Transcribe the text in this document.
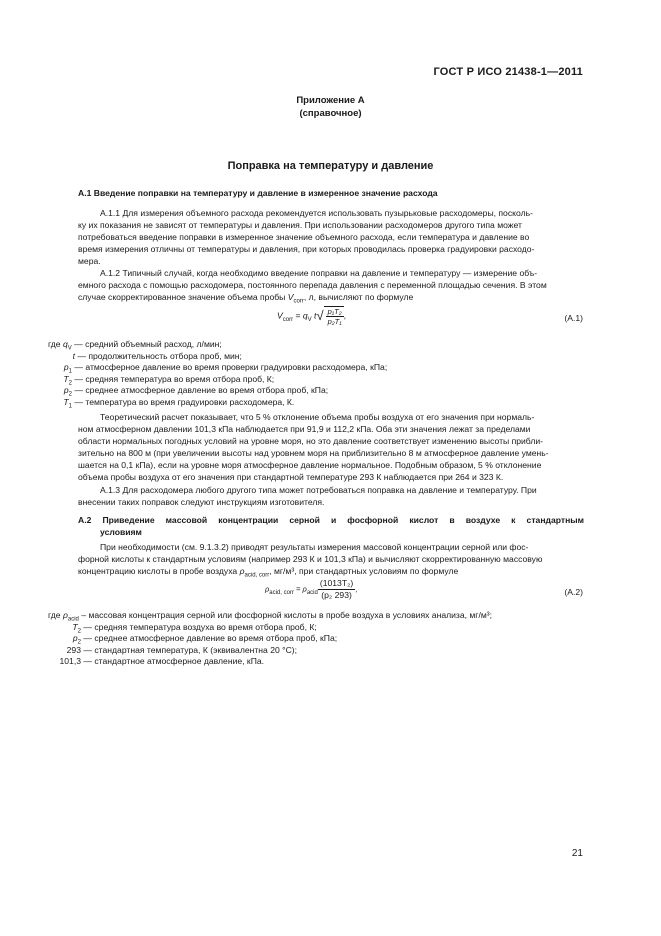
ГОСТ Р ИСО 21438-1—2011
Приложение А
(справочное)
Поправка на температуру и давление
А.1 Введение поправки на температуру и давление в измеренное значение расхода

А.1.1 Для измерения объемного расхода рекомендуется использовать пузырьковые расходомеры, посколь-

ку их показания не зависят от температуры и давления. При использовании расходомеров другого типа может

потребоваться введение поправки в измеренное значение объемного расхода, если температура и давление во

время измерения отличны от температуры и давления, при которых проводилась проверка градуировки расходо-

мера.

А.1.2 Типичный случай, когда необходимо введение поправки на давление и температуру — измерение объ-

емного расхода с помощью расходомера, постоянного перепада давления с переменной площадью сечения. В этом

случае скорректированное значение объема пробы $V_{corr}$, л, вычисляют по формуле

$V_{corr} = q_V$ $t√ \frac{\text{p₁T₂}}{\text{p₂T₁}}$ ,	(А.1)
где $q_V$ — средний объемный расход, л/мин;
t — продолжительность отбора проб, мин;
$p_1$ — атмосферное давление во время проверки градуировки расходомера, кПа;
$T_2$ — средняя температура во время отбора проб, К;
$p_2$ — среднее атмосферное давление во время отбора проб, кПа;
$T_1$ — температура во время градуировки расходомера, К.

Теоретический расчет показывает, что 5 % отклонение объема пробы воздуха от его значения при нормаль-

ном атмосферном давлении 101,3 кПа наблюдается при 91,9 и 112,2 кПа. Оба эти значения лежат за пределами

области нормальных погодных условий на уровне моря, но это давление соответствует изменению высоты прибли-

зительно на 800 м (при увеличении высоты над уровнем моря на приблизительно 8 м атмосферное давление умень-

шается на 0,1 кПа), если на уровне моря атмосферное давление нормальное. Подобным образом, 5 % отклонение

объема пробы воздуха от его значения при стандартной температуре 293 К наблюдается при 264 и 323 К.

А.1.3 Для расходомера любого другого типа может потребоваться поправка на давление и температуру. При

внесении таких поправок следуют инструкциям изготовителя.

А.2 Приведение массовой концентрации серной и фосфорной кислот в воздухе к стандартным
условиям

При необходимости (см. 9.1.3.2) приводят результаты измерения массовой концентрации серной или фос-

форной кислоты к стандартным условиям (например 293 К и 101,3 кПа) и вычисляют скорректированную массовую

концентрацию кислоты в пробе воздуха $\rho_{acid, corr}$, мг/м³, при стандартных условиям по формуле

$\rho_{acid, corr} = \rho_{acid} \frac{\text{(1013T₂)}}{\text{(p₂ 293)}}$ ,	(А.2)
где $\rho_{acid}$ – массовая концентрация серной или фосфорной кислоты в пробе воздуха в условиях анализа, мг/м³;
$T_2$ — средняя температура воздуха во время отбора проб, К;
$p_2$ — среднее атмосферное давление во время отбора проб, кПа;
293 — стандартная температура, К (эквивалентна 20 °С);
101,3 — стандартное атмосферное давление, кПа.
21
